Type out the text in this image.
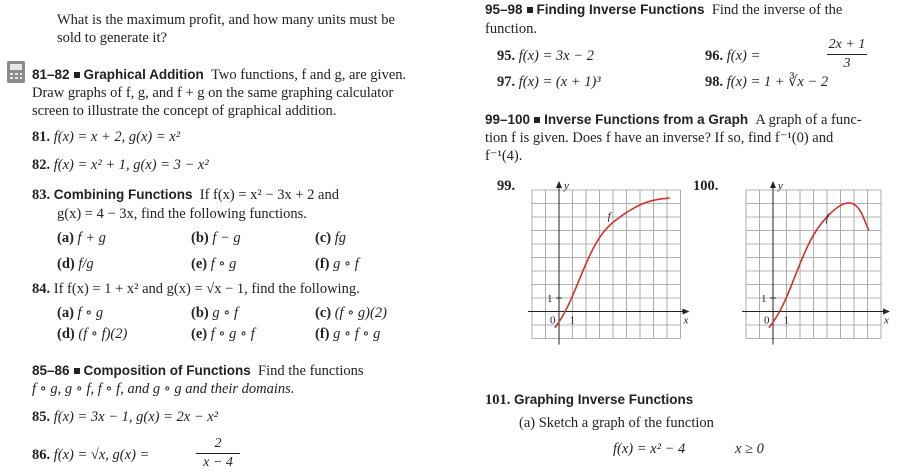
What is the maximum profit, and how many units must be
sold to generate it?
81–82 Graphical Addition Two functions, f and g, are given.
Draw graphs of f, g, and f + g on the same graphing calculator
screen to illustrate the concept of graphical addition.
81. f(x) = x + 2, g(x) = x²
82. f(x) = x² + 1, g(x) = 3 − x²
83. Combining Functions If f(x) = x² − 3x + 2 and
g(x) = 4 − 3x, find the following functions.
(a) f + g	(b) f − g	(c) fg
(d) f/g	(e) f ∘ g	(f) g ∘ f
84. If f(x) = 1 + x² and g(x) = √x − 1, find the following.
(a) f ∘ g	(b) g ∘ f	(c) (f ∘ g)(2)
(d) (f ∘ f)(2)	(e) f ∘ g ∘ f	(f) g ∘ f ∘ g
85–86 Composition of Functions Find the functions
f ∘ g, g ∘ f, f ∘ f, and g ∘ g and their domains.
85. f(x) = 3x − 1, g(x) = 2x − x²
86. f(x) = √x, g(x) =
2
x − 4
95–98 Finding Inverse Functions Find the inverse of the
function.
95. f(x) = 3x − 2	96. f(x) =
2x + 1
3
97. f(x) = (x + 1)³	98. f(x) = 1 + ∛x − 2
99–100 Inverse Functions from a Graph A graph of a func-
tion f is given. Does f have an inverse? If so, find f⁻¹(0) and
f⁻¹(4).
99.	y
x
1
0 1
f
100.	y
x
1
0 1
f
101. Graphing Inverse Functions
(a) Sketch a graph of the function
f(x) = x² − 4	x ≥ 0
